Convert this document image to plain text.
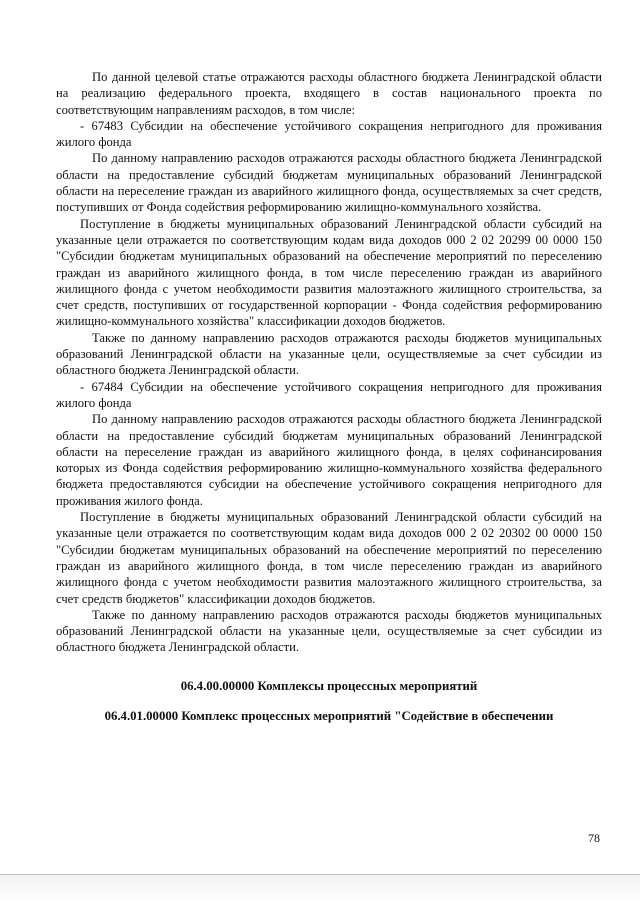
По данной целевой статье отражаются расходы областного бюджета Ленинградской области на реализацию федерального проекта, входящего в состав национального проекта по соответствующим направлениям расходов, в том числе:

- 67483 Субсидии на обеспечение устойчивого сокращения непригодного для проживания жилого фонда

По данному направлению расходов отражаются расходы областного бюджета Ленинградской области на предоставление субсидий бюджетам муниципальных образований Ленинградской области на переселение граждан из аварийного жилищного фонда, осуществляемых за счет средств, поступивших от Фонда содействия реформированию жилищно-коммунального хозяйства.

Поступление в бюджеты муниципальных образований Ленинградской области субсидий на указанные цели отражается по соответствующим кодам вида доходов 000 2 02 20299 00 0000 150 "Субсидии бюджетам муниципальных образований на обеспечение мероприятий по переселению граждан из аварийного жилищного фонда, в том числе переселению граждан из аварийного жилищного фонда с учетом необходимости развития малоэтажного жилищного строительства, за счет средств, поступивших от государственной корпорации - Фонда содействия реформированию жилищно-коммунального хозяйства" классификации доходов бюджетов.

Также по данному направлению расходов отражаются расходы бюджетов муниципальных образований Ленинградской области на указанные цели, осуществляемые за счет субсидии из областного бюджета Ленинградской области.

- 67484 Субсидии на обеспечение устойчивого сокращения непригодного для проживания жилого фонда

По данному направлению расходов отражаются расходы областного бюджета Ленинградской области на предоставление субсидий бюджетам муниципальных образований Ленинградской области на переселение граждан из аварийного жилищного фонда, в целях софинансирования которых из Фонда содействия реформированию жилищно-коммунального хозяйства федерального бюджета предоставляются субсидии на обеспечение устойчивого сокращения непригодного для проживания жилого фонда.

Поступление в бюджеты муниципальных образований Ленинградской области субсидий на указанные цели отражается по соответствующим кодам вида доходов 000 2 02 20302 00 0000 150 "Субсидии бюджетам муниципальных образований на обеспечение мероприятий по переселению граждан из аварийного жилищного фонда, в том числе переселению граждан из аварийного жилищного фонда с учетом необходимости развития малоэтажного жилищного строительства, за счет средств бюджетов" классификации доходов бюджетов.

Также по данному направлению расходов отражаются расходы бюджетов муниципальных образований Ленинградской области на указанные цели, осуществляемые за счет субсидии из областного бюджета Ленинградской области.

06.4.00.00000 Комплексы процессных мероприятий

06.4.01.00000 Комплекс процессных мероприятий "Содействие в обеспечении

78
